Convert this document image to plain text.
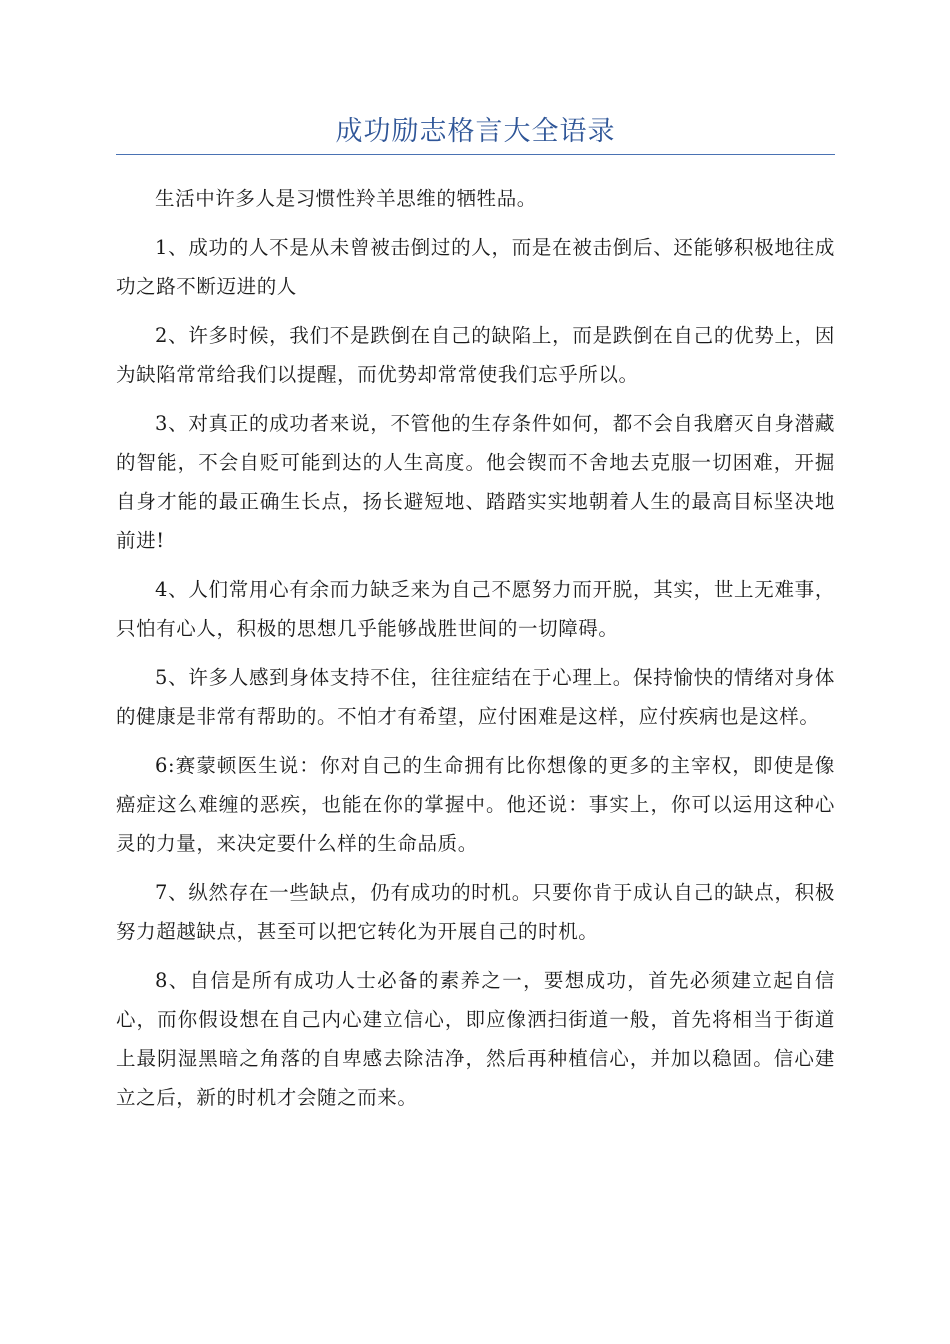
成功励志格言大全语录

生活中许多人是习惯性羚羊思维的牺牲品。

1、成功的人不是从未曾被击倒过的人，而是在被击倒后、还能够积极地往成功之路不断迈进的人

2、许多时候，我们不是跌倒在自己的缺陷上，而是跌倒在自己的优势上，因为缺陷常常给我们以提醒，而优势却常常使我们忘乎所以。

3、对真正的成功者来说，不管他的生存条件如何，都不会自我磨灭自身潜藏的智能，不会自贬可能到达的人生高度。他会锲而不舍地去克服一切困难，开掘自身才能的最正确生长点，扬长避短地、踏踏实实地朝着人生的最高目标坚决地前进!

4、人们常用心有余而力缺乏来为自己不愿努力而开脱，其实，世上无难事，只怕有心人，积极的思想几乎能够战胜世间的一切障碍。

5、许多人感到身体支持不住，往往症结在于心理上。保持愉快的情绪对身体的健康是非常有帮助的。不怕才有希望，应付困难是这样，应付疾病也是这样。

6:赛蒙顿医生说：你对自己的生命拥有比你想像的更多的主宰权，即使是像癌症这么难缠的恶疾，也能在你的掌握中。他还说：事实上，你可以运用这种心灵的力量，来决定要什么样的生命品质。

7、纵然存在一些缺点，仍有成功的时机。只要你肯于成认自己的缺点，积极努力超越缺点，甚至可以把它转化为开展自己的时机。

8、自信是所有成功人士必备的素养之一，要想成功，首先必须建立起自信心，而你假设想在自己内心建立信心，即应像洒扫街道一般，首先将相当于街道上最阴湿黑暗之角落的自卑感去除洁净，然后再种植信心，并加以稳固。信心建立之后，新的时机才会随之而来。
